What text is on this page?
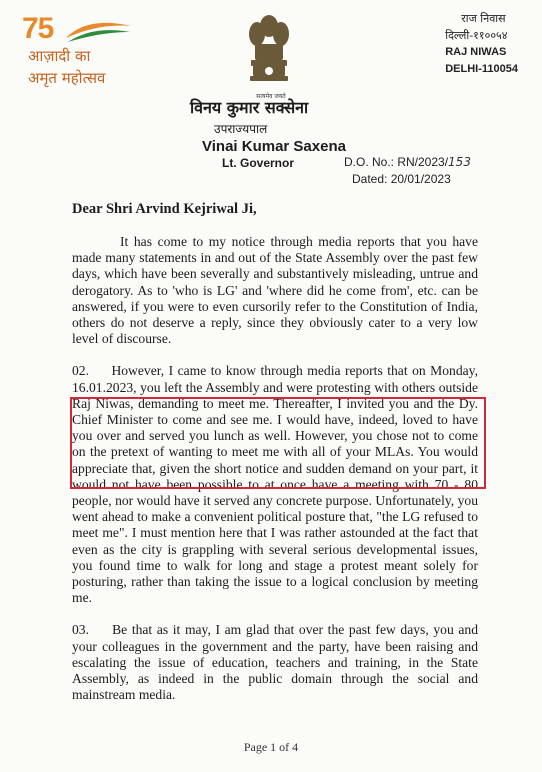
75
आज़ादी का
अमृत महोत्सव
सत्यमेव जयते
राज निवास
दिल्ली-११००५४
RAJ NIWAS
DELHI-110054
विनय कुमार सक्सेना
उपराज्यपाल
Vinai Kumar Saxena
Lt. Governor	D.O. No.: RN/2023/153
Dated: 20/01/2023
Dear Shri Arvind Kejriwal Ji,

It has come to my notice through media reports that you have made many statements in and out of the State Assembly over the past few days, which have been severally and substantively misleading, untrue and derogatory. As to 'who is LG' and 'where did he come from', etc. can be answered, if you were to even cursorily refer to the Constitution of India, others do not deserve a reply, since they obviously cater to a very low level of discourse.

02. However, I came to know through media reports that on Monday, 16.01.2023, you left the Assembly and were protesting with others outside Raj Niwas, demanding to meet me. Thereafter, I invited you and the Dy. Chief Minister to come and see me. I would have, indeed, loved to have you over and served you lunch as well. However, you chose not to come on the pretext of wanting to meet me with all of your MLAs. You would appreciate that, given the short notice and sudden demand on your part, it would not have been possible to at once have a meeting with 70 - 80 people, nor would have it served any concrete purpose. Unfortunately, you went ahead to make a convenient political posture that, "the LG refused to meet me". I must mention here that I was rather astounded at the fact that even as the city is grappling with several serious developmental issues, you found time to walk for long and stage a protest meant solely for posturing, rather than taking the issue to a logical conclusion by meeting me.

03. Be that as it may, I am glad that over the past few days, you and your colleagues in the government and the party, have been raising and escalating the issue of education, teachers and training, in the State Assembly, as indeed in the public domain through the social and mainstream media.

Page 1 of 4
